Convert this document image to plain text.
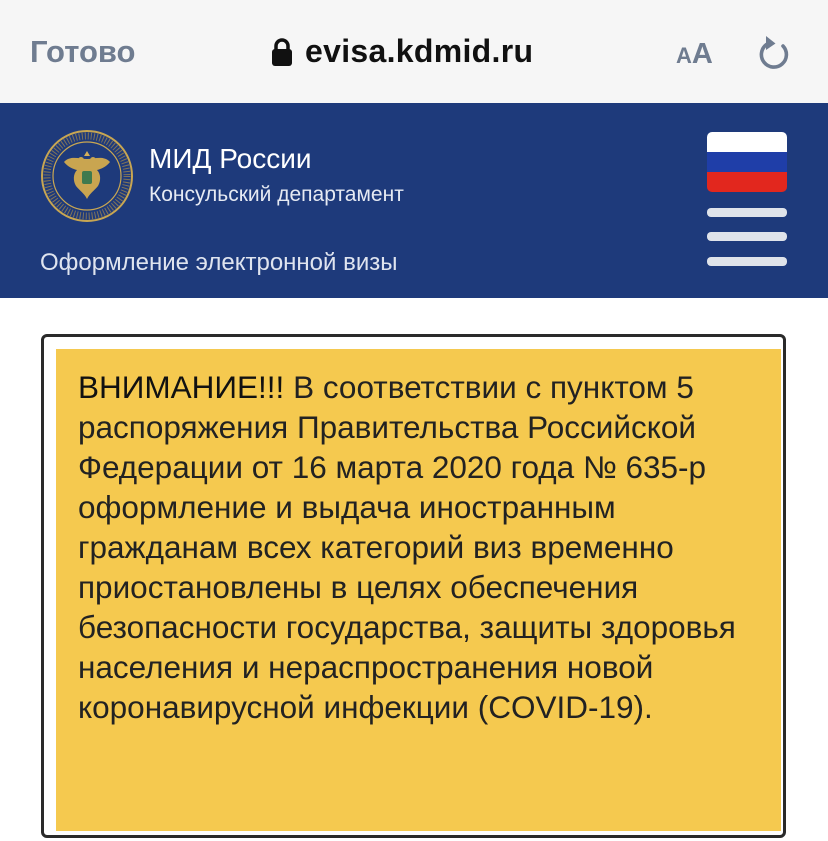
Готово	evisa.kdmid.ru	AA
МИД России
Консульский департамент
Оформление электронной визы

ВНИМАНИЕ!!! В соответствии с пунктом 5 распоряжения Правительства Российской Федерации от 16 марта 2020 года № 635-р оформление и выдача иностранным гражданам всех категорий виз временно приостановлены в целях обеспечения безопасности государства, защиты здоровья населения и нераспространения новой коронавирусной инфекции (COVID-19).
